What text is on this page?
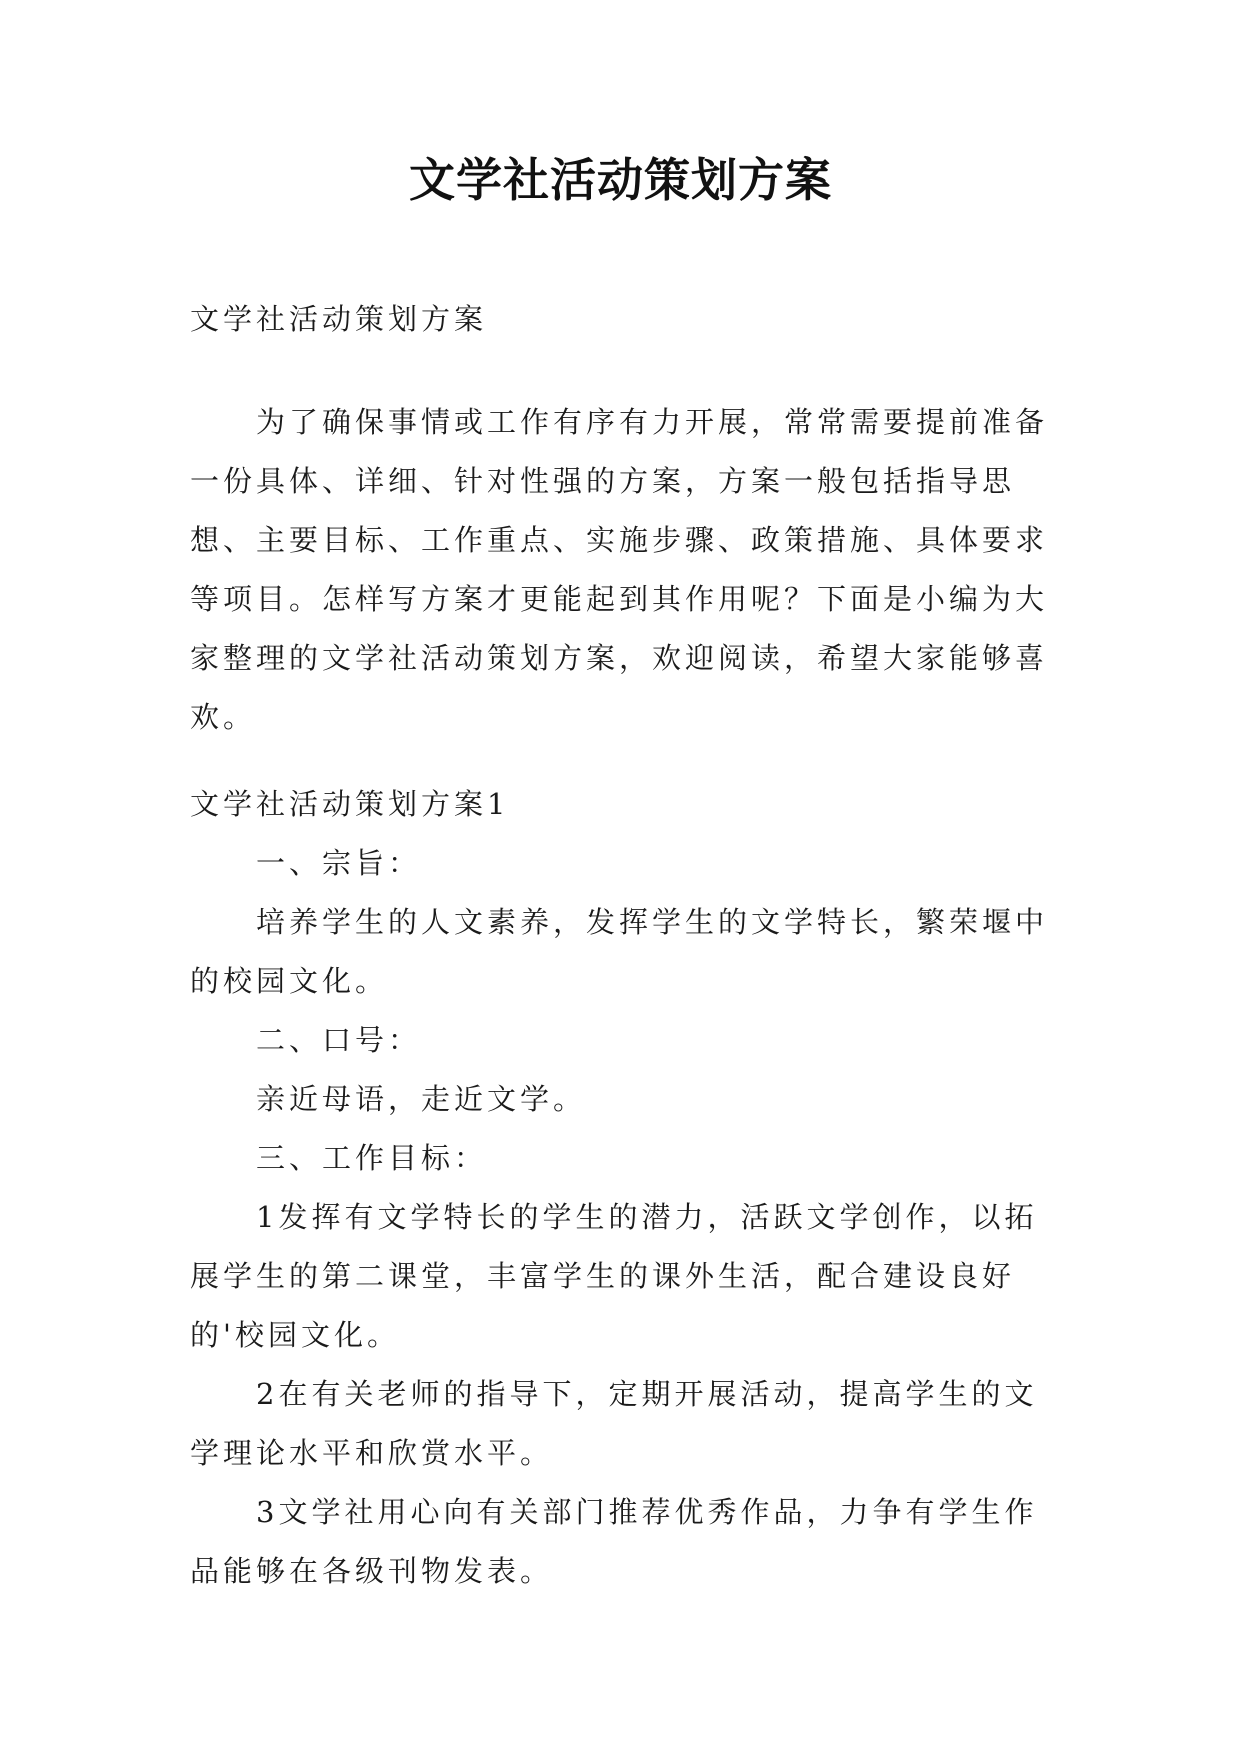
文学社活动策划方案

文学社活动策划方案

为了确保事情或工作有序有力开展，常常需要提前准备一份具体、详细、针对性强的方案，方案一般包括指导思想、主要目标、工作重点、实施步骤、政策措施、具体要求等项目。怎样写方案才更能起到其作用呢？下面是小编为大家整理的文学社活动策划方案，欢迎阅读，希望大家能够喜欢。

文学社活动策划方案1

一、宗旨：

培养学生的人文素养，发挥学生的文学特长，繁荣堰中的校园文化。

二、口号：

亲近母语，走近文学。

三、工作目标：

1发挥有文学特长的学生的潜力，活跃文学创作，以拓展学生的第二课堂，丰富学生的课外生活，配合建设良好的'校园文化。

2在有关老师的指导下，定期开展活动，提高学生的文学理论水平和欣赏水平。

3文学社用心向有关部门推荐优秀作品，力争有学生作品能够在各级刊物发表。
